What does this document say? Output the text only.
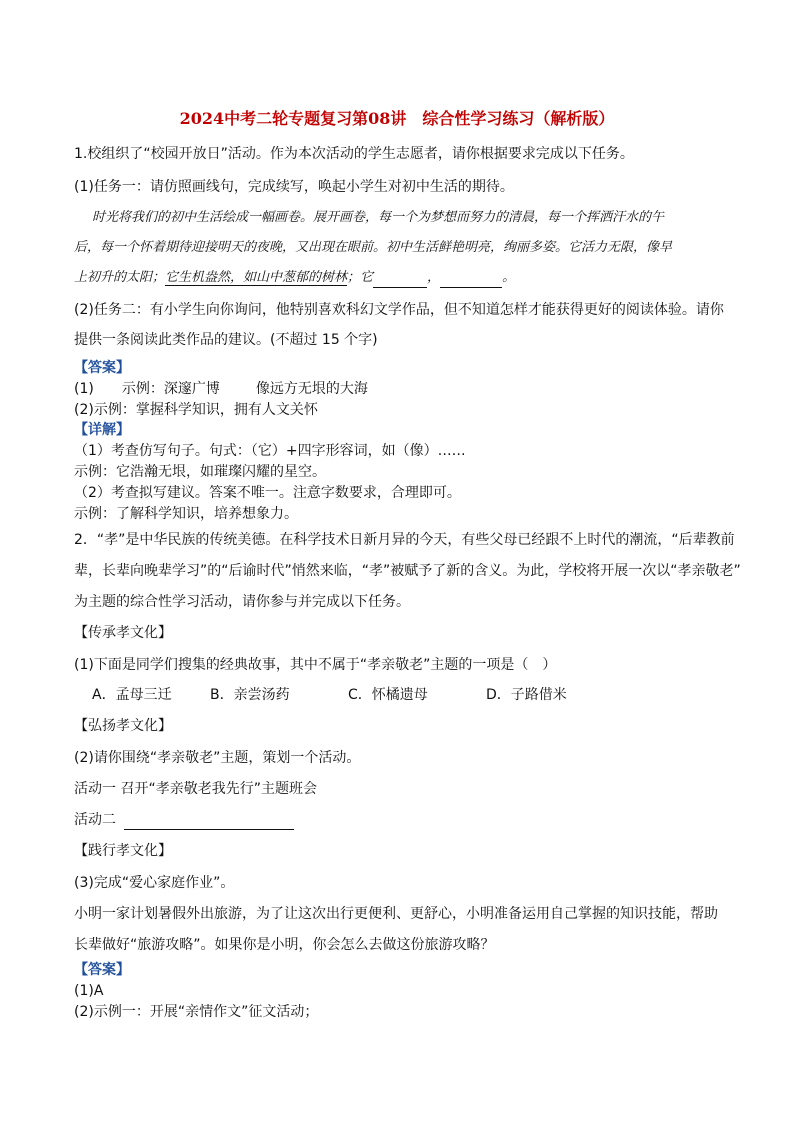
2024中考二轮专题复习第08讲　综合性学习练习（解析版）
1.校组织了“校园开放日”活动。作为本次活动的学生志愿者，请你根据要求完成以下任务。
(1)任务一：请仿照画线句，完成续写，唤起小学生对初中生活的期待。
时光将我们的初中生活绘成一幅画卷。展开画卷，每一个为梦想而努力的清晨，每一个挥洒汗水的午
后，每一个怀着期待迎接明天的夜晚，又出现在眼前。初中生活鲜艳明亮，绚丽多姿。它活力无限，像早
上初升的太阳；它生机盎然，如山中葱郁的树林；它	，	。
(2)任务二：有小学生向你询问，他特别喜欢科幻文学作品，但不知道怎样才能获得更好的阅读体验。请你
提供一条阅读此类作品的建议。(不超过 15 个字)
【答案】
(1) 示例：深邃广博	像远方无垠的大海
(2)示例：掌握科学知识，拥有人文关怀
【详解】
（1）考查仿写句子。句式：（它）+四字形容词，如（像）……
示例：它浩瀚无垠，如璀璨闪耀的星空。
（2）考查拟写建议。答案不唯一。注意字数要求，合理即可。
示例：了解科学知识，培养想象力。
2．“孝”是中华民族的传统美德。在科学技术日新月异的今天，有些父母已经跟不上时代的潮流，“后辈教前
辈，长辈向晚辈学习”的“后谕时代”悄然来临，“孝”被赋予了新的含义。为此，学校将开展一次以“孝亲敬老”
为主题的综合性学习活动，请你参与并完成以下任务。
【传承孝文化】
(1)下面是同学们搜集的经典故事，其中不属于“孝亲敬老”主题的一项是（　）
A．孟母三迁	B．亲尝汤药	C．怀橘遗母	D．子路借米
【弘扬孝文化】
(2)请你围绕“孝亲敬老”主题，策划一个活动。
活动一 召开“孝亲敬老我先行”主题班会
活动二
【践行孝文化】
(3)完成“爱心家庭作业”。
小明一家计划暑假外出旅游，为了让这次出行更便利、更舒心，小明准备运用自己掌握的知识技能，帮助
长辈做好“旅游攻略”。如果你是小明，你会怎么去做这份旅游攻略？
【答案】
(1)A
(2)示例一：开展“亲情作文”征文活动；
